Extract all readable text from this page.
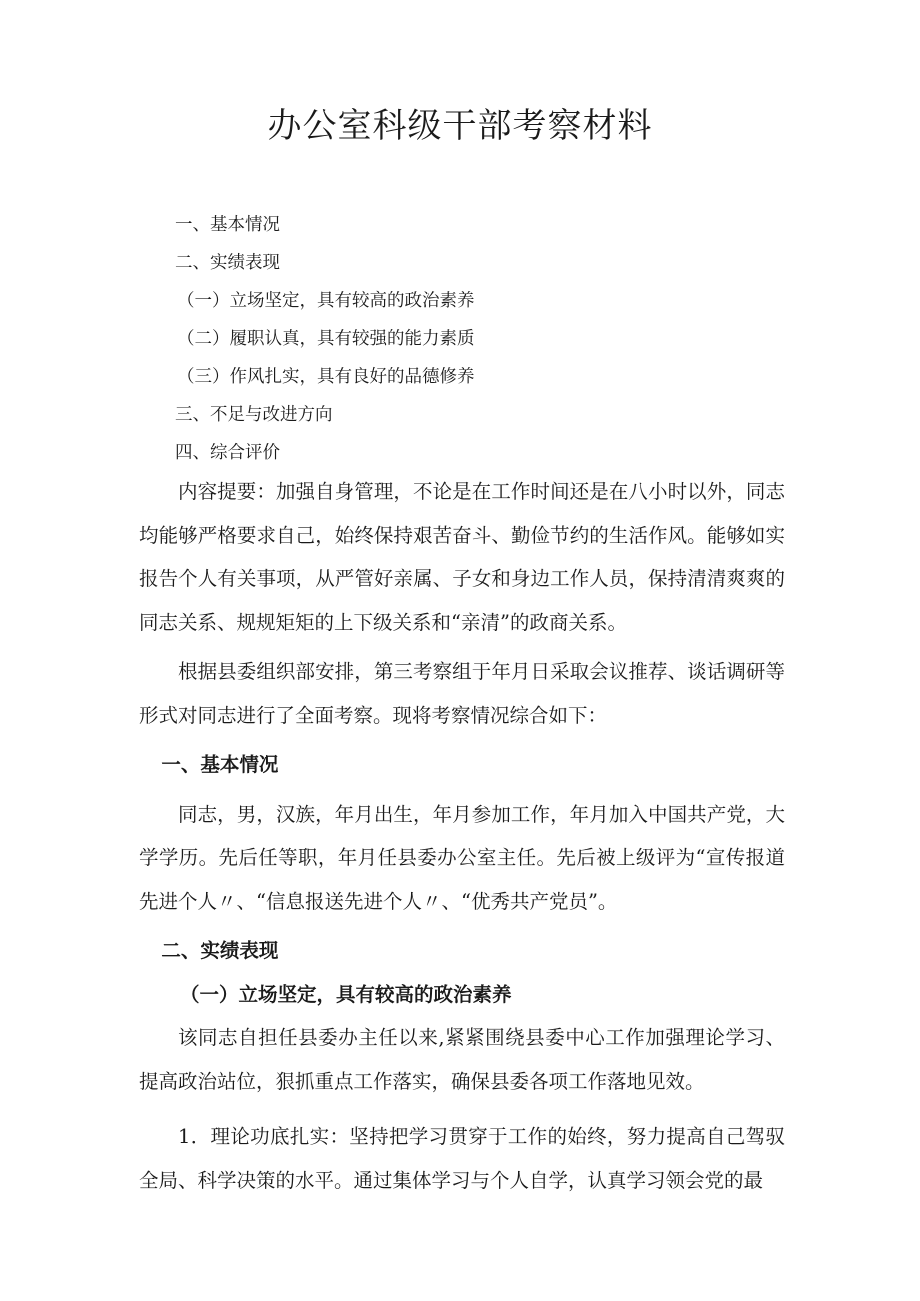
办公室科级干部考察材料
一、基本情况
二、实绩表现
（一）立场坚定，具有较高的政治素养
（二）履职认真，具有较强的能力素质
（三）作风扎实，具有良好的品德修养
三、不足与改进方向
四、综合评价

内容提要：加强自身管理，不论是在工作时间还是在八小时以外，同志均能够严格要求自己，始终保持艰苦奋斗、勤俭节约的生活作风。能够如实报告个人有关事项，从严管好亲属、子女和身边工作人员，保持清清爽爽的同志关系、规规矩矩的上下级关系和“亲清”的政商关系。

根据县委组织部安排，第三考察组于年月日采取会议推荐、谈话调研等形式对同志进行了全面考察。现将考察情况综合如下：

一、基本情况

同志，男，汉族，年月出生，年月参加工作，年月加入中国共产党，大学学历。先后任等职，年月任县委办公室主任。先后被上级评为“宣传报道先进个人〃、“信息报送先进个人〃、“优秀共产党员”。

二、实绩表现
（一）立场坚定，具有较高的政治素养

该同志自担任县委办主任以来,紧紧围绕县委中心工作加强理论学习、提高政治站位，狠抓重点工作落实，确保县委各项工作落地见效。

1．理论功底扎实：坚持把学习贯穿于工作的始终，努力提高自己驾驭全局、科学决策的水平。通过集体学习与个人自学，认真学习领会党的最
